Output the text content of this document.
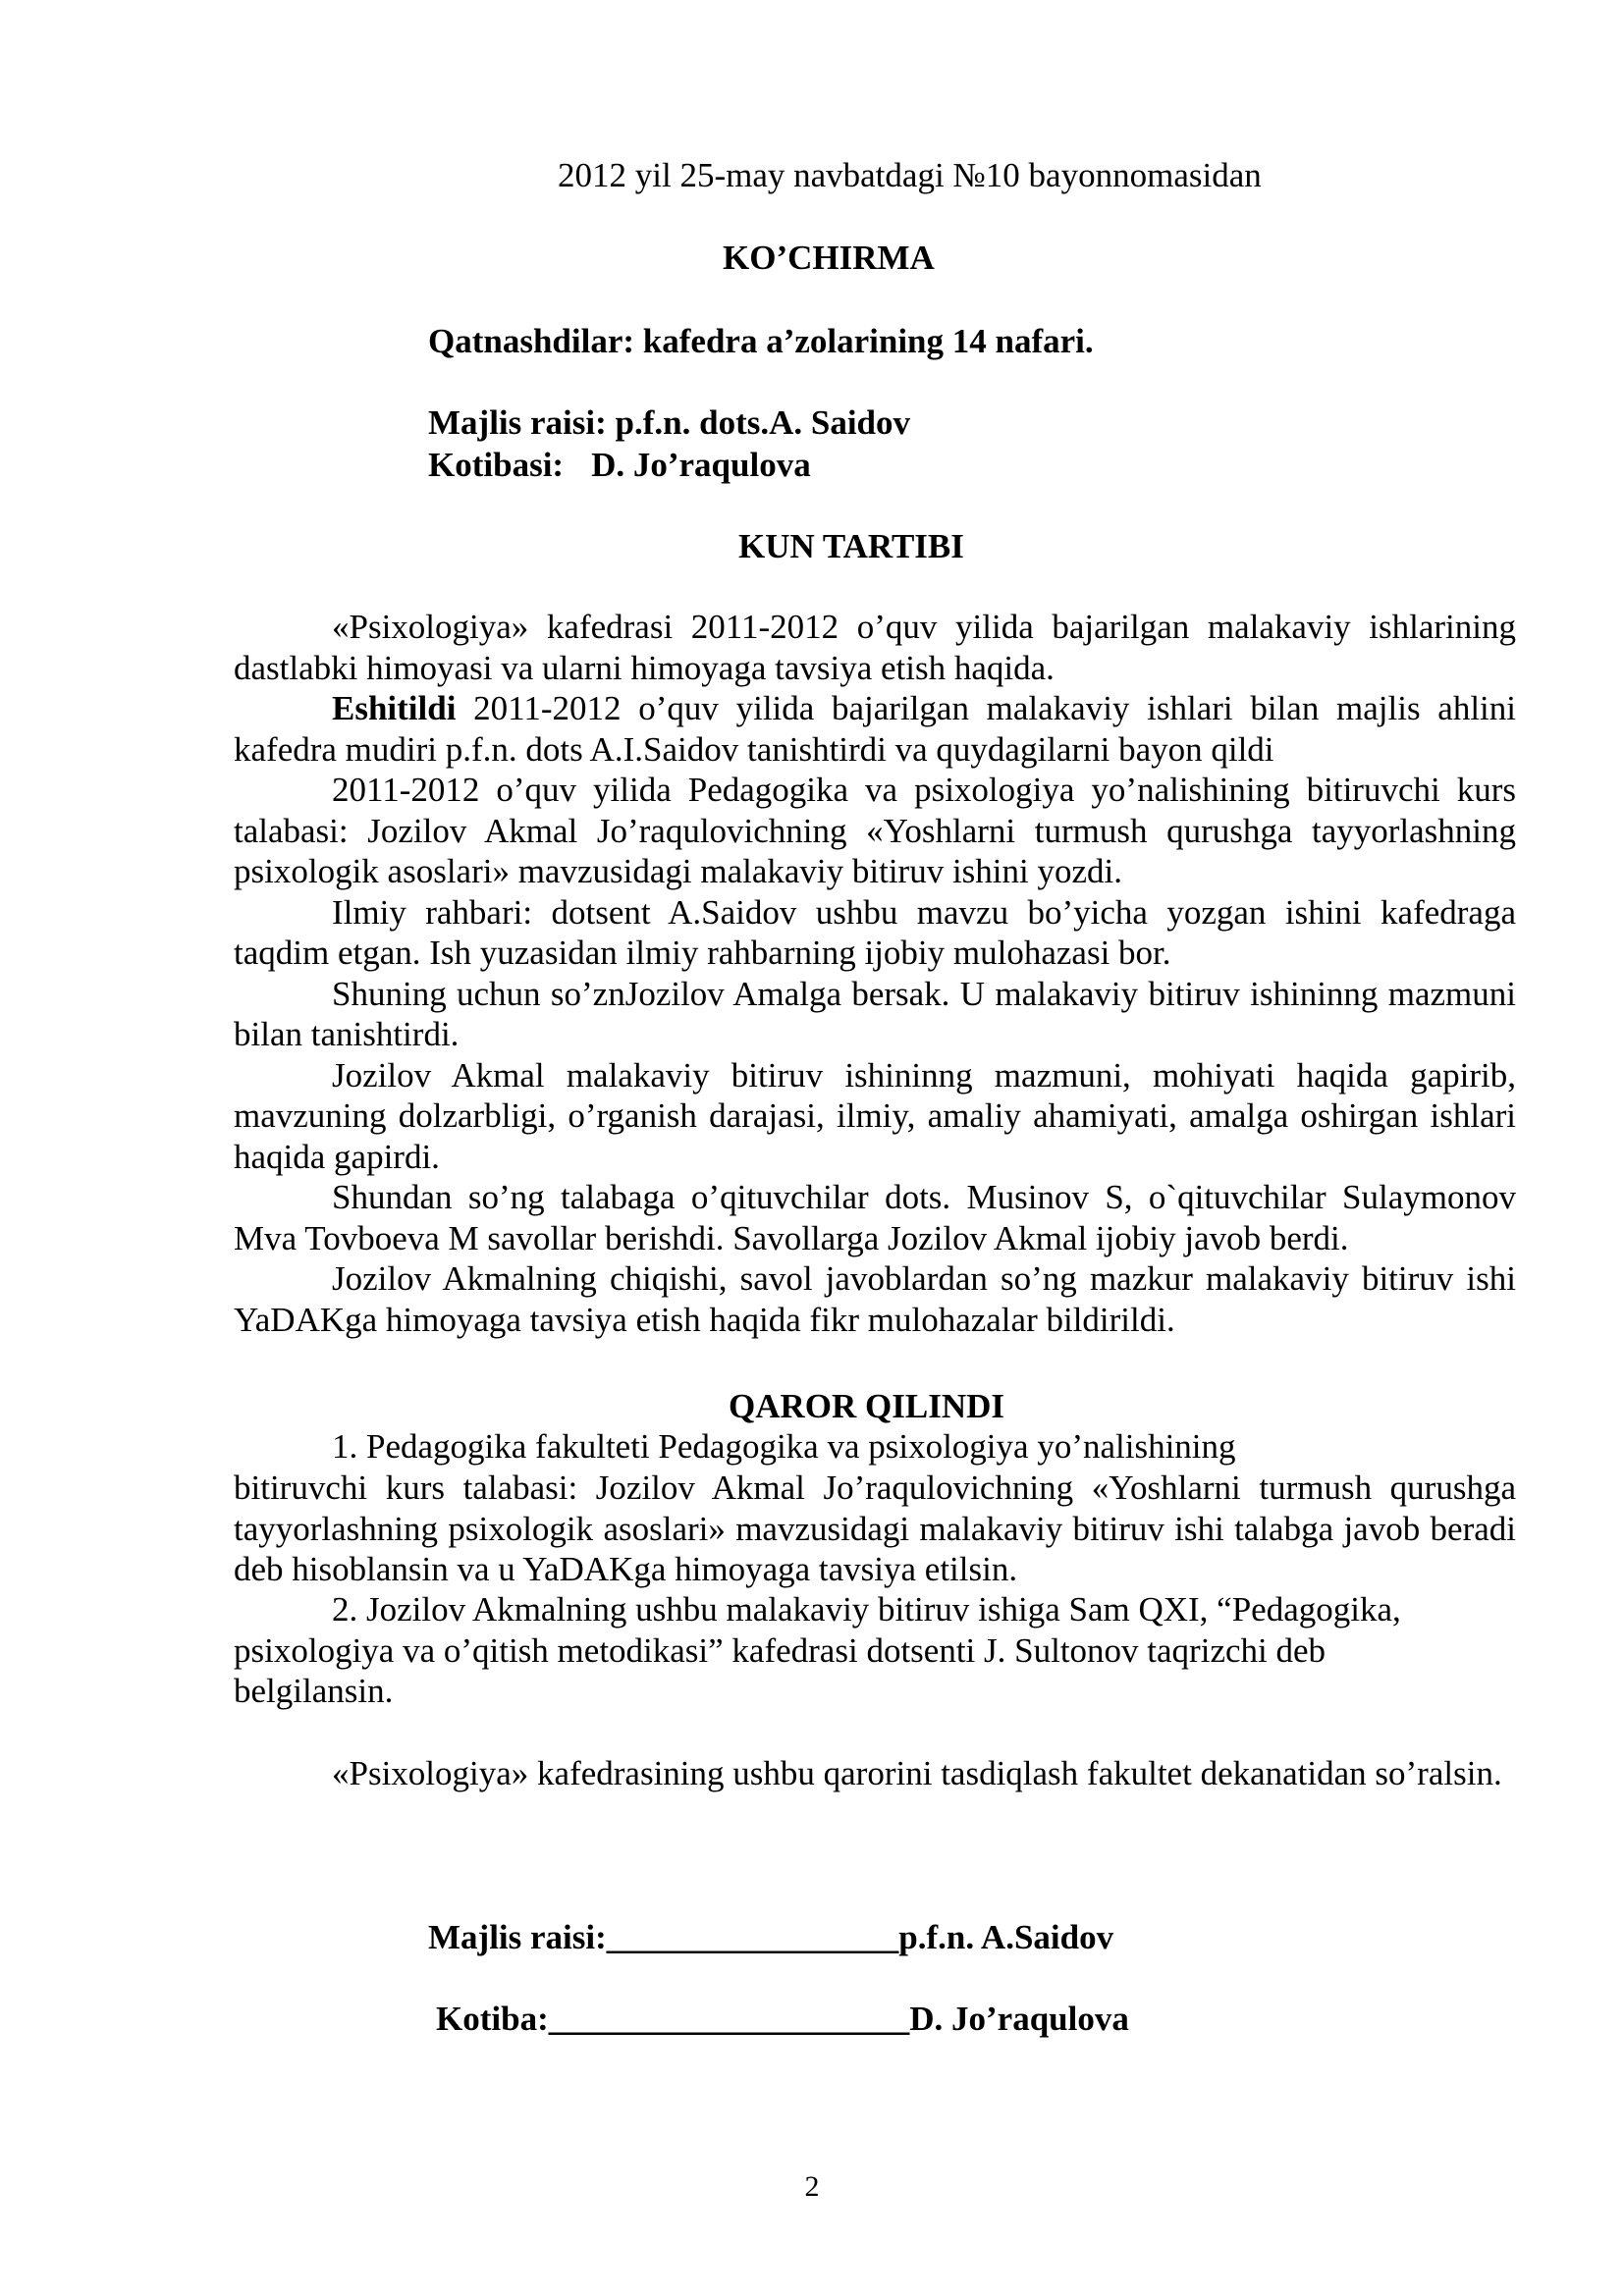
2012 yil 25-may navbatdagi №10 bayonnomasidan
KO’CHIRMA
Qatnashdilar: kafedra a’zolarining 14 nafari.
Majlis raisi: p.f.n. dots.A. Saidov
Kotibasi: D. Jo’raqulova
KUN TARTIBI

«Psixologiya» kafedrasi 2011-2012 o’quv yilida bajarilgan malakaviy ishlarining dastlabki himoyasi va ularni himoyaga tavsiya etish haqida.

Eshitildi 2011-2012 o’quv yilida bajarilgan malakaviy ishlari bilan majlis ahlini kafedra mudiri p.f.n. dots A.I.Saidov tanishtirdi va quydagilarni bayon qildi

2011-2012 o’quv yilida Pedagogika va psixologiya yo’nalishining bitiruvchi kurs talabasi: Jozilov Akmal Jo’raqulovichning «Yoshlarni turmush qurushga tayyorlashning psixologik asoslari» mavzusidagi malakaviy bitiruv ishini yozdi.

Ilmiy rahbari: dotsent A.Saidov ushbu mavzu bo’yicha yozgan ishini kafedraga taqdim etgan. Ish yuzasidan ilmiy rahbarning ijobiy mulohazasi bor.

Shuning uchun so’znJozilov Amalga bersak. U malakaviy bitiruv ishininng mazmuni bilan tanishtirdi.

Jozilov Akmal malakaviy bitiruv ishininng mazmuni, mohiyati haqida gapirib, mavzuning dolzarbligi, o’rganish darajasi, ilmiy, amaliy ahamiyati, amalga oshirgan ishlari haqida gapirdi.

Shundan so’ng talabaga o’qituvchilar dots. Musinov S, o`qituvchilar Sulaymonov Mva Tovboeva M savollar berishdi. Savollarga Jozilov Akmal ijobiy javob berdi.

Jozilov Akmalning chiqishi, savol javoblardan so’ng mazkur malakaviy bitiruv ishi YaDAKga himoyaga tavsiya etish haqida fikr mulohazalar bildirildi.

QAROR QILINDI
1. Pedagogika fakulteti Pedagogika va psixologiya yo’nalishining

bitiruvchi kurs talabasi: Jozilov Akmal Jo’raqulovichning «Yoshlarni turmush qurushga tayyorlashning psixologik asoslari» mavzusidagi malakaviy bitiruv ishi talabga javob beradi deb hisoblansin va u YaDAKga himoyaga tavsiya etilsin.

2. Jozilov Akmalning ushbu malakaviy bitiruv ishiga Sam QXI, “Pedagogika,
psixologiya va o’qitish metodikasi” kafedrasi dotsenti J. Sultonov taqrizchi deb
belgilansin.

«Psixologiya» kafedrasining ushbu qarorini tasdiqlash fakultet dekanatidan so’ralsin.

Majlis raisi:_________________p.f.n. A.Saidov
Kotiba:_____________________D. Jo’raqulova
2
